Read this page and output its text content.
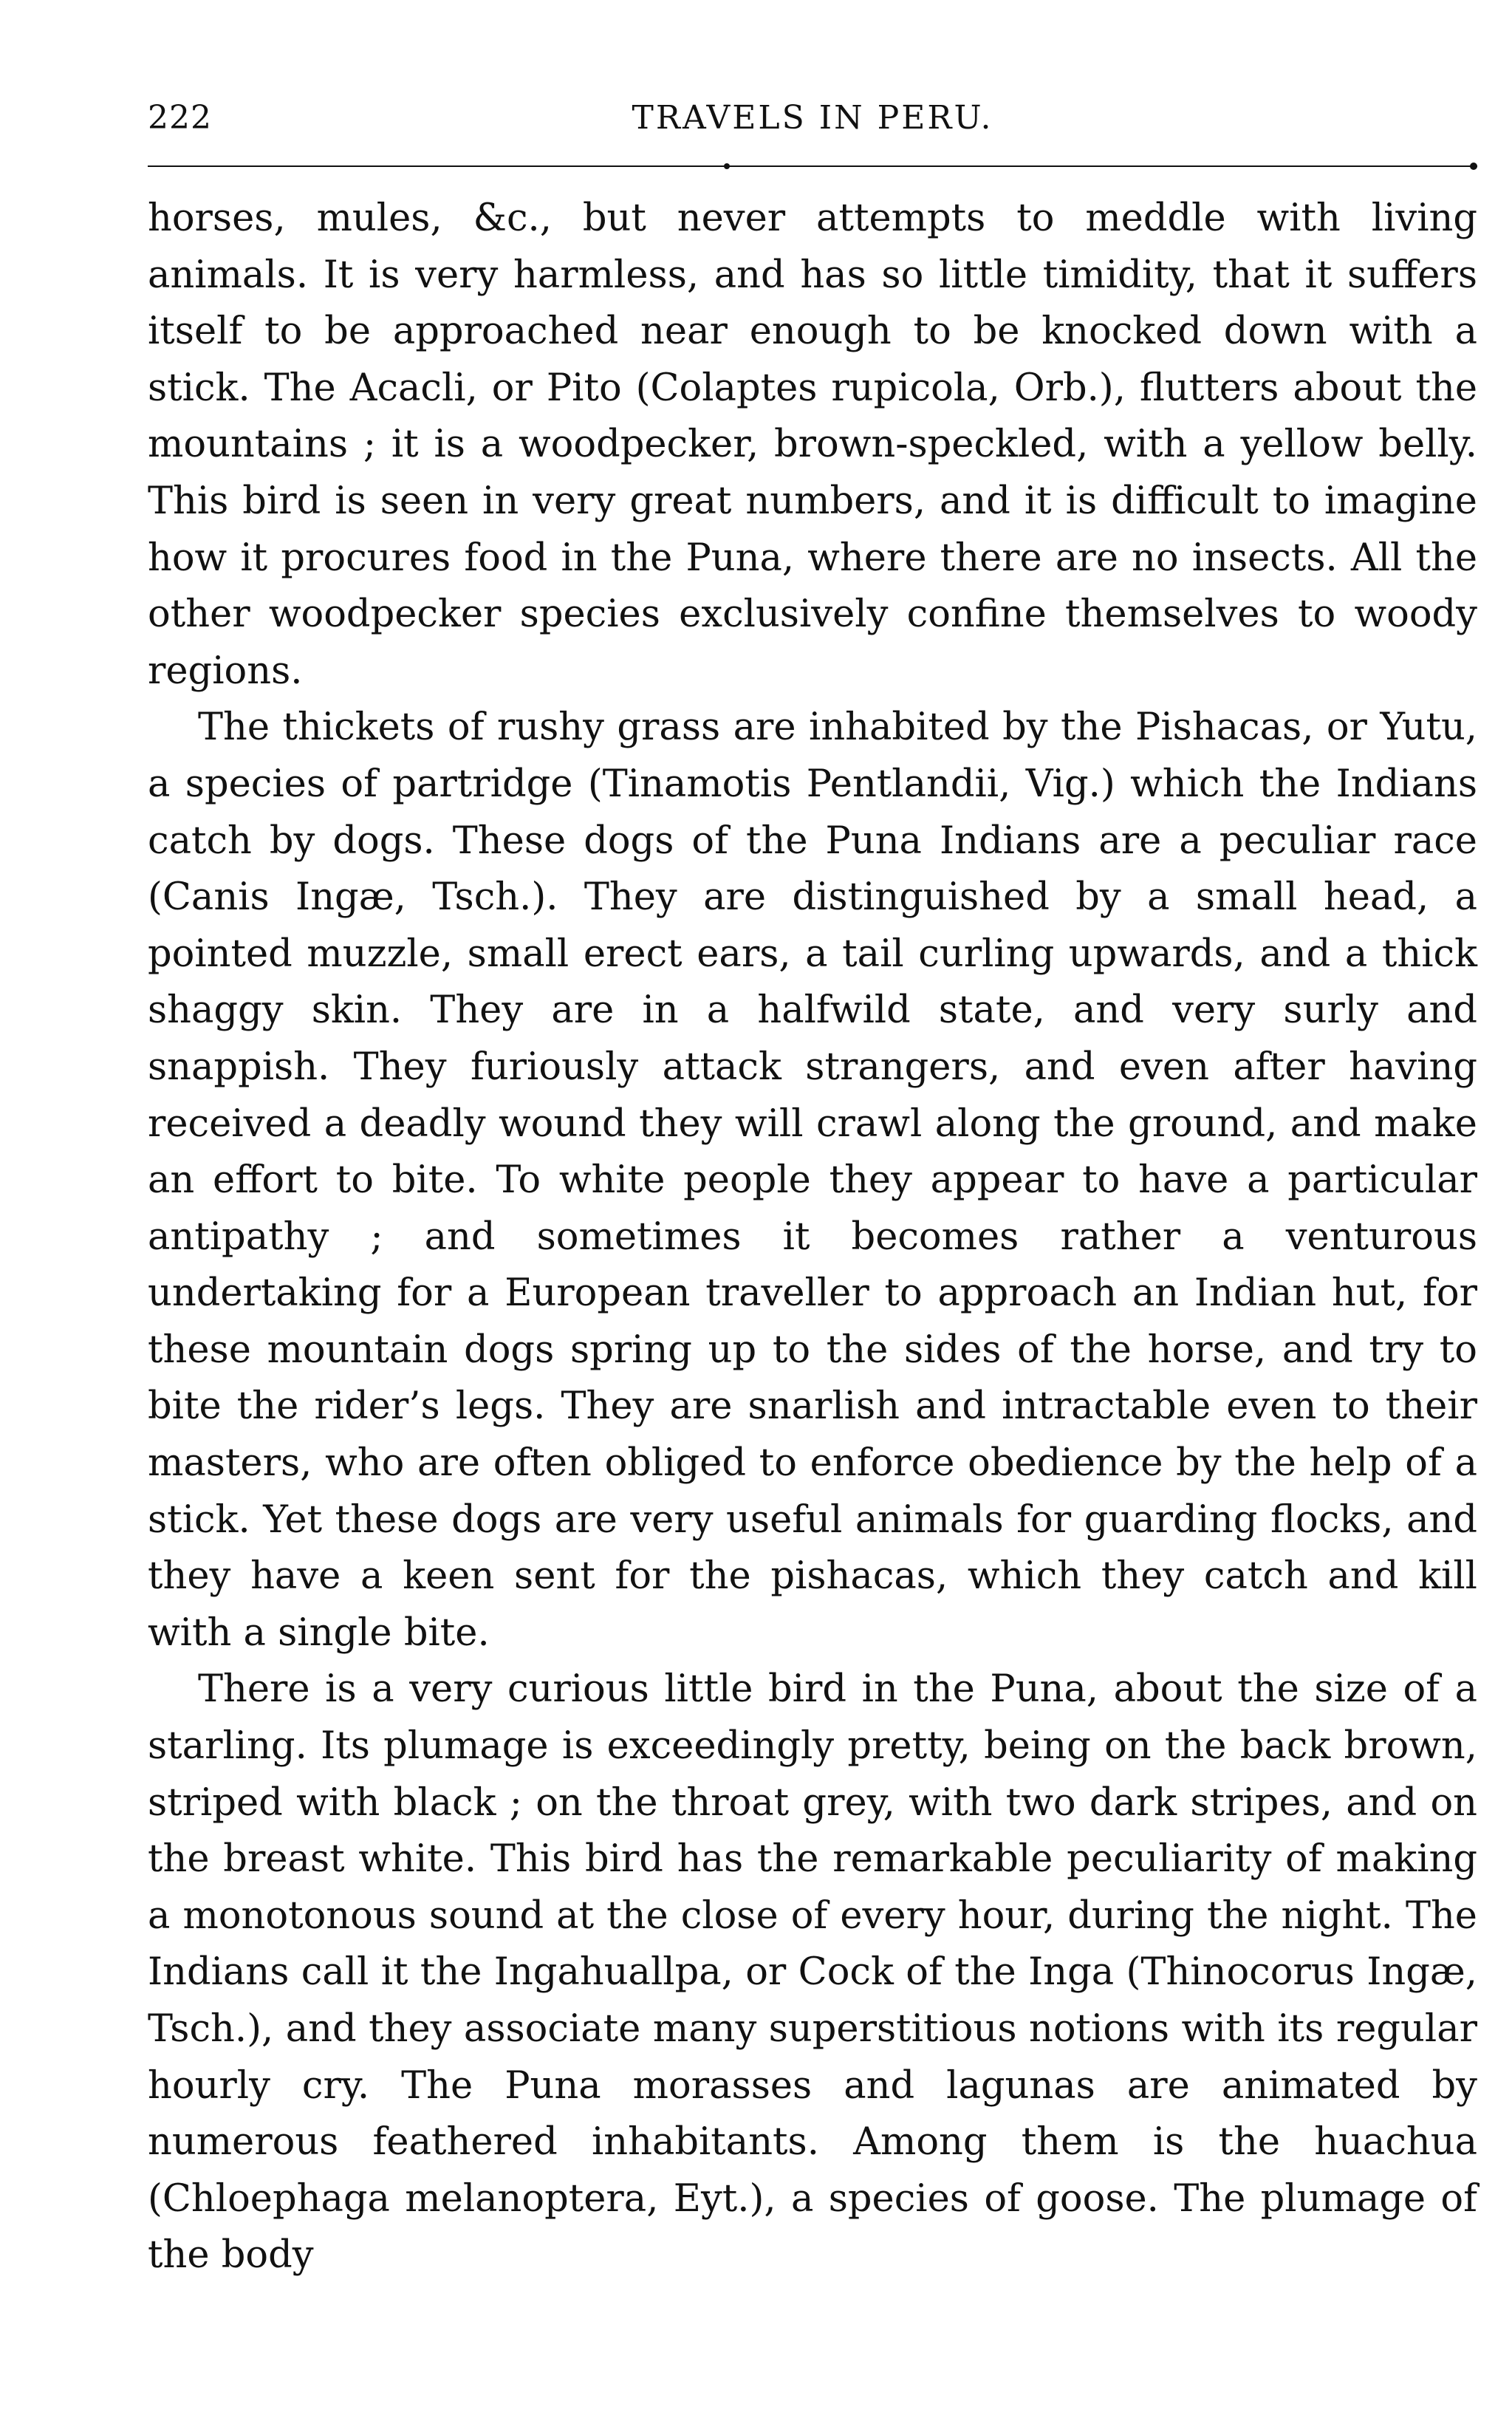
222	TRAVELS IN PERU.

horses, mules, &c., but never attempts to meddle with living animals. It is very harmless, and has so little timidity, that it suffers itself to be approached near enough to be knocked down with a stick. The Acacli, or Pito (Colaptes rupicola, Orb.), flutters about the mountains ; it is a woodpecker, brown-speckled, with a yellow belly. This bird is seen in very great numbers, and it is difficult to imagine how it procures food in the Puna, where there are no insects. All the other woodpecker species exclusively confine themselves to woody regions.

The thickets of rushy grass are inhabited by the Pishacas, or Yutu, a species of partridge (Tinamotis Pentlandii, Vig.) which the Indians catch by dogs. These dogs of the Puna Indians are a peculiar race (Canis Ingæ, Tsch.). They are distinguished by a small head, a pointed muzzle, small erect ears, a tail curling upwards, and a thick shaggy skin. They are in a halfwild state, and very surly and snappish. They furiously attack strangers, and even after having received a deadly wound they will crawl along the ground, and make an effort to bite. To white people they appear to have a particular antipathy ; and sometimes it becomes rather a venturous undertaking for a European traveller to approach an Indian hut, for these mountain dogs spring up to the sides of the horse, and try to bite the rider’s legs. They are snarlish and intractable even to their masters, who are often obliged to enforce obedience by the help of a stick. Yet these dogs are very useful animals for guarding flocks, and they have a keen sent for the pishacas, which they catch and kill with a single bite.

There is a very curious little bird in the Puna, about the size of a starling. Its plumage is exceedingly pretty, being on the back brown, striped with black ; on the throat grey, with two dark stripes, and on the breast white. This bird has the remarkable peculiarity of making a monotonous sound at the close of every hour, during the night. The Indians call it the Ingahuallpa, or Cock of the Inga (Thinocorus Ingæ, Tsch.), and they associate many superstitious notions with its regular hourly cry. The Puna morasses and lagunas are animated by numerous feathered inhabitants. Among them is the huachua (Chloephaga melanoptera, Eyt.), a species of goose. The plumage of the body
